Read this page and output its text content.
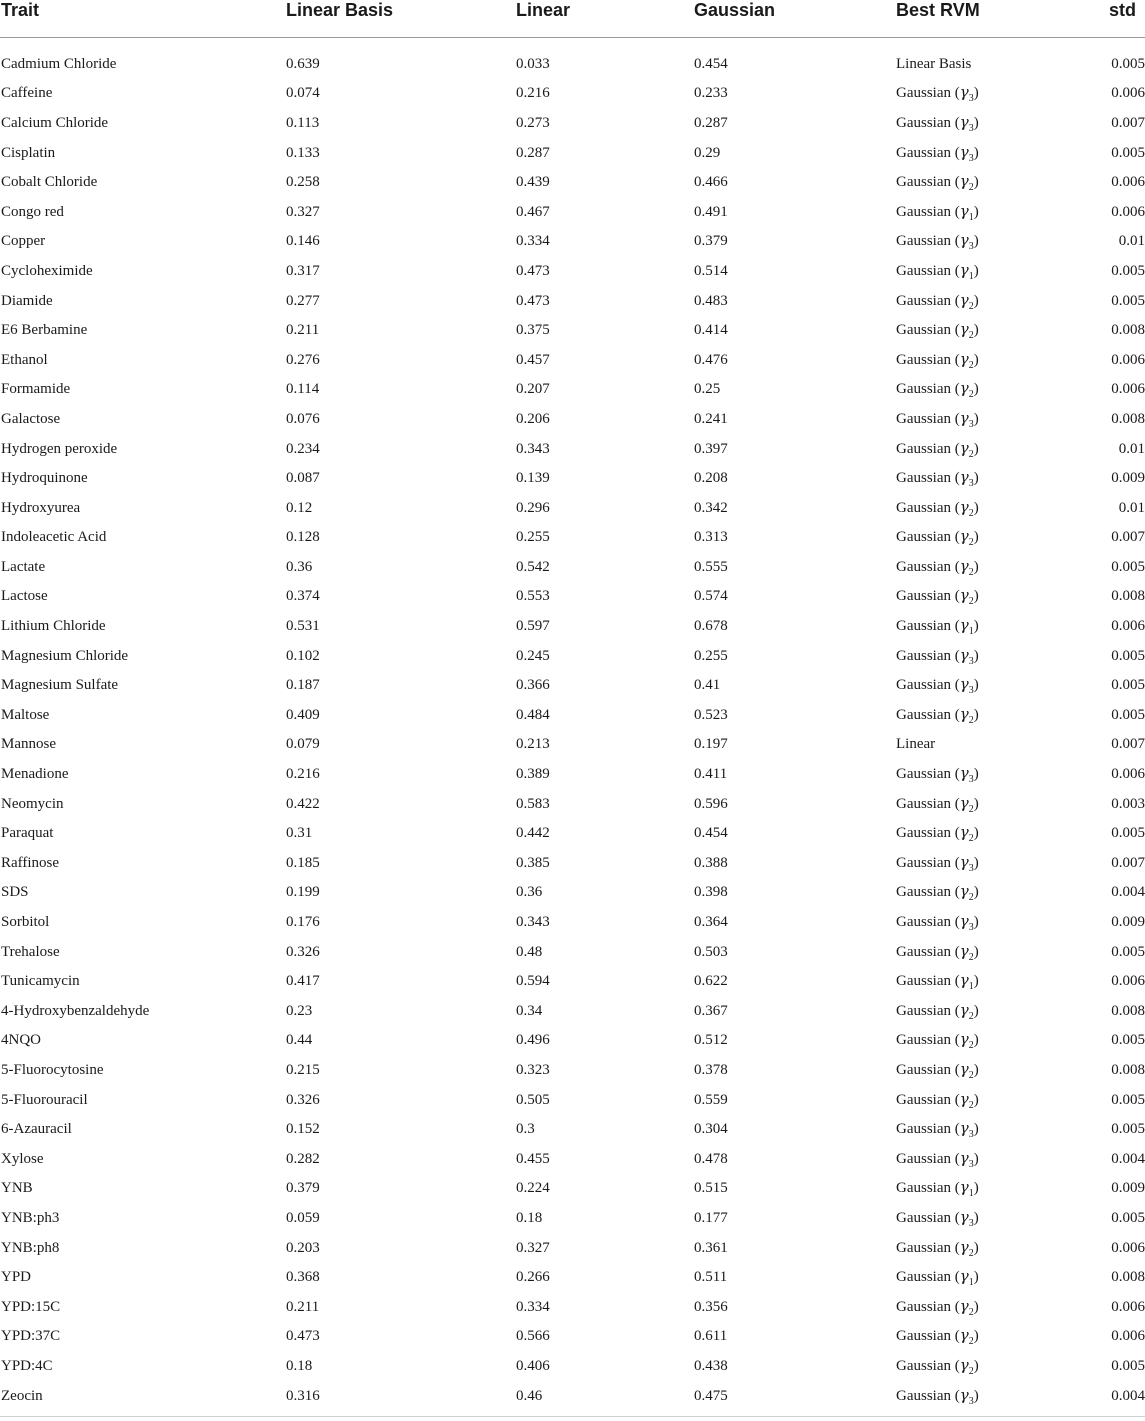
Trait	Linear Basis	Linear	Gaussian	Best RVM	std

Cadmium Chloride	0.639	0.033	0.454	Linear Basis	0.005
Caffeine	0.074	0.216	0.233	Gaussian $(\gamma_3)$	0.006
Calcium Chloride	0.113	0.273	0.287	Gaussian $(\gamma_3)$	0.007
Cisplatin	0.133	0.287	0.29	Gaussian $(\gamma_3)$	0.005
Cobalt Chloride	0.258	0.439	0.466	Gaussian $(\gamma_2)$	0.006
Congo red	0.327	0.467	0.491	Gaussian $(\gamma_1)$	0.006
Copper	0.146	0.334	0.379	Gaussian $(\gamma_3)$	0.01
Cycloheximide	0.317	0.473	0.514	Gaussian $(\gamma_1)$	0.005
Diamide	0.277	0.473	0.483	Gaussian $(\gamma_2)$	0.005
E6 Berbamine	0.211	0.375	0.414	Gaussian $(\gamma_2)$	0.008
Ethanol	0.276	0.457	0.476	Gaussian $(\gamma_2)$	0.006
Formamide	0.114	0.207	0.25	Gaussian $(\gamma_2)$	0.006
Galactose	0.076	0.206	0.241	Gaussian $(\gamma_3)$	0.008
Hydrogen peroxide	0.234	0.343	0.397	Gaussian $(\gamma_2)$	0.01
Hydroquinone	0.087	0.139	0.208	Gaussian $(\gamma_3)$	0.009
Hydroxyurea	0.12	0.296	0.342	Gaussian $(\gamma_2)$	0.01
Indoleacetic Acid	0.128	0.255	0.313	Gaussian $(\gamma_2)$	0.007
Lactate	0.36	0.542	0.555	Gaussian $(\gamma_2)$	0.005
Lactose	0.374	0.553	0.574	Gaussian $(\gamma_2)$	0.008
Lithium Chloride	0.531	0.597	0.678	Gaussian $(\gamma_1)$	0.006
Magnesium Chloride	0.102	0.245	0.255	Gaussian $(\gamma_3)$	0.005
Magnesium Sulfate	0.187	0.366	0.41	Gaussian $(\gamma_3)$	0.005
Maltose	0.409	0.484	0.523	Gaussian $(\gamma_2)$	0.005
Mannose	0.079	0.213	0.197	Linear	0.007
Menadione	0.216	0.389	0.411	Gaussian $(\gamma_3)$	0.006
Neomycin	0.422	0.583	0.596	Gaussian $(\gamma_2)$	0.003
Paraquat	0.31	0.442	0.454	Gaussian $(\gamma_2)$	0.005
Raffinose	0.185	0.385	0.388	Gaussian $(\gamma_3)$	0.007
SDS	0.199	0.36	0.398	Gaussian $(\gamma_2)$	0.004
Sorbitol	0.176	0.343	0.364	Gaussian $(\gamma_3)$	0.009
Trehalose	0.326	0.48	0.503	Gaussian $(\gamma_2)$	0.005
Tunicamycin	0.417	0.594	0.622	Gaussian $(\gamma_1)$	0.006
4-Hydroxybenzaldehyde	0.23	0.34	0.367	Gaussian $(\gamma_2)$	0.008
4NQO	0.44	0.496	0.512	Gaussian $(\gamma_2)$	0.005
5-Fluorocytosine	0.215	0.323	0.378	Gaussian $(\gamma_2)$	0.008
5-Fluorouracil	0.326	0.505	0.559	Gaussian $(\gamma_2)$	0.005
6-Azauracil	0.152	0.3	0.304	Gaussian $(\gamma_3)$	0.005
Xylose	0.282	0.455	0.478	Gaussian $(\gamma_3)$	0.004
YNB	0.379	0.224	0.515	Gaussian $(\gamma_1)$	0.009
YNB:ph3	0.059	0.18	0.177	Gaussian $(\gamma_3)$	0.005
YNB:ph8	0.203	0.327	0.361	Gaussian $(\gamma_2)$	0.006
YPD	0.368	0.266	0.511	Gaussian $(\gamma_1)$	0.008
YPD:15C	0.211	0.334	0.356	Gaussian $(\gamma_2)$	0.006
YPD:37C	0.473	0.566	0.611	Gaussian $(\gamma_2)$	0.006
YPD:4C	0.18	0.406	0.438	Gaussian $(\gamma_2)$	0.005
Zeocin	0.316	0.46	0.475	Gaussian $(\gamma_3)$	0.004
